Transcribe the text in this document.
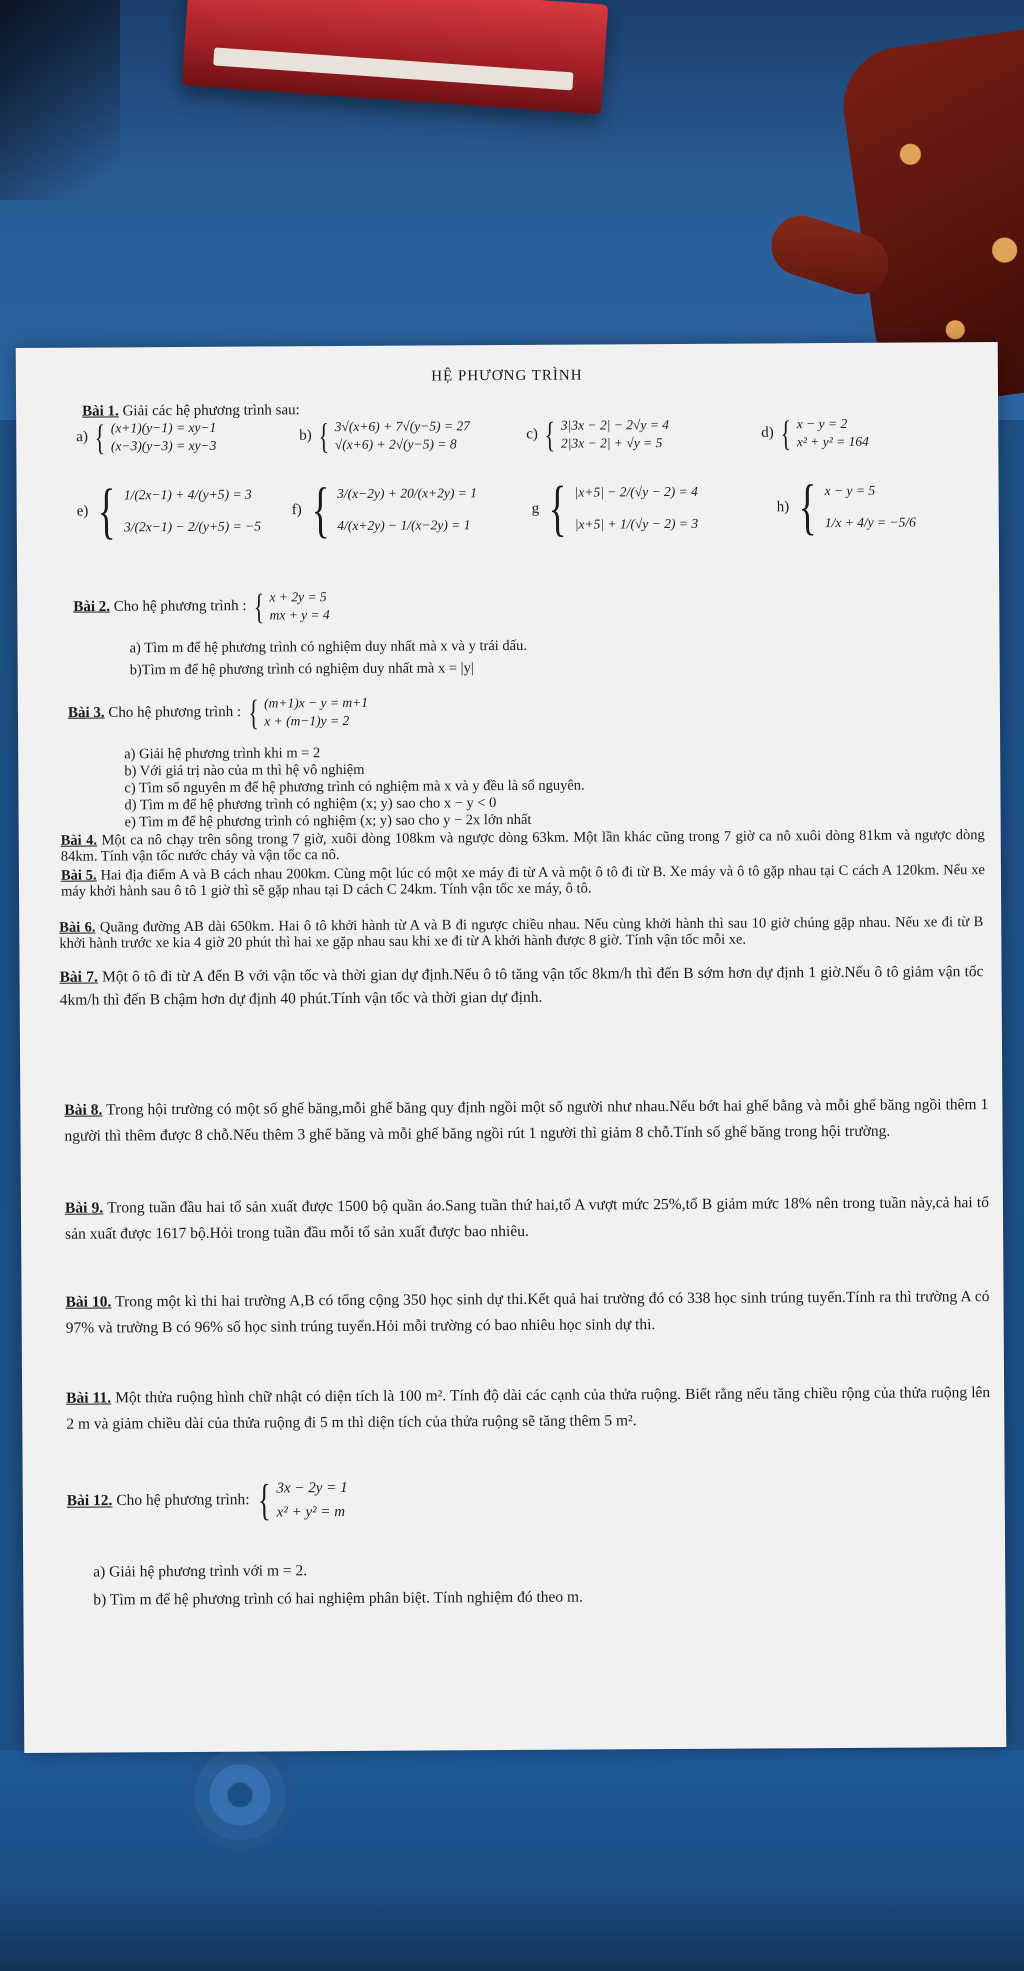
HỆ PHƯƠNG TRÌNH
Bài 1. Giải các hệ phương trình sau:
a) { (x+1)(y−1) = xy−1
(x−3)(y−3) = xy−3
b) { 3√(x+6) + 7√(y−5) = 27
√(x+6) + 2√(y−5) = 8
c) { 3|3x − 2| − 2√y = 4
2|3x − 2| + √y = 5
d) { x − y = 2
x² + y² = 164
e) { 1/(2x−1) + 4/(y+5) = 3
3/(2x−1) − 2/(y+5) = −5
f) { 3/(x−2y) + 20/(x+2y) = 1
4/(x+2y) − 1/(x−2y) = 1
g { |x+5| − 2/(√y − 2) = 4
|x+5| + 1/(√y − 2) = 3
h) { x − y = 5
1/x + 4/y = −5/6
Bài 2. Cho hệ phương trình : { x + 2y = 5
mx + y = 4
a) Tìm m để hệ phương trình có nghiệm duy nhất mà x và y trái dấu.
b)Tìm m để hệ phương trình có nghiệm duy nhất mà x = |y|
Bài 3. Cho hệ phương trình : { (m+1)x − y = m+1
x + (m−1)y = 2
a) Giải hệ phương trình khi m = 2
b) Với giá trị nào của m thì hệ vô nghiệm
c) Tìm số nguyên m để hệ phương trình có nghiệm mà x và y đều là số nguyên.
d) Tìm m để hệ phương trình có nghiệm (x; y) sao cho x − y < 0
e) Tìm m để hệ phương trình có nghiệm (x; y) sao cho y − 2x lớn nhất
Bài 4. Một ca nô chạy trên sông trong 7 giờ, xuôi dòng 108km và ngược dòng 63km. Một lần khác cũng trong 7 giờ ca nô xuôi dòng 81km và ngược dòng 84km. Tính vận tốc nước chảy và vận tốc ca nô.
Bài 5. Hai địa điểm A và B cách nhau 200km. Cùng một lúc có một xe máy đi từ A và một ô tô đi từ B. Xe máy và ô tô gặp nhau tại C cách A 120km. Nếu xe máy khởi hành sau ô tô 1 giờ thì sẽ gặp nhau tại D cách C 24km. Tính vận tốc xe máy, ô tô.
Bài 6. Quãng đường AB dài 650km. Hai ô tô khởi hành từ A và B đi ngược chiều nhau. Nếu cùng khởi hành thì sau 10 giờ chúng gặp nhau. Nếu xe đi từ B khởi hành trước xe kia 4 giờ 20 phút thì hai xe gặp nhau sau khi xe đi từ A khởi hành được 8 giờ. Tính vận tốc mỗi xe.
Bài 7. Một ô tô đi từ A đến B với vận tốc và thời gian dự định.Nếu ô tô tăng vận tốc 8km/h thì đến B sớm hơn dự định 1 giờ.Nếu ô tô giảm vận tốc 4km/h thì đến B chậm hơn dự định 40 phút.Tính vận tốc và thời gian dự định.
Bài 8. Trong hội trường có một số ghế băng,mỗi ghế băng quy định ngồi một số người như nhau.Nếu bớt hai ghế bằng và mỗi ghế băng ngồi thêm 1 người thì thêm được 8 chỗ.Nếu thêm 3 ghế băng và mỗi ghế băng ngồi rút 1 người thì giảm 8 chỗ.Tính số ghế băng trong hội trường.
Bài 9. Trong tuần đầu hai tổ sản xuất được 1500 bộ quần áo.Sang tuần thứ hai,tổ A vượt mức 25%,tổ B giảm mức 18% nên trong tuần này,cả hai tổ sản xuất được 1617 bộ.Hỏi trong tuần đầu mỗi tổ sản xuất được bao nhiêu.
Bài 10. Trong một kì thi hai trường A,B có tổng cộng 350 học sinh dự thi.Kết quả hai trường đó có 338 học sinh trúng tuyển.Tính ra thì trường A có 97% và trường B có 96% số học sinh trúng tuyển.Hỏi mỗi trường có bao nhiêu học sinh dự thi.
Bài 11. Một thửa ruộng hình chữ nhật có diện tích là 100 m². Tính độ dài các cạnh của thửa ruộng. Biết rằng nếu tăng chiều rộng của thửa ruộng lên 2 m và giảm chiều dài của thửa ruộng đi 5 m thì diện tích của thửa ruộng sẽ tăng thêm 5 m².
Bài 12. Cho hệ phương trình: { 3x − 2y = 1
x² + y² = m
a) Giải hệ phương trình với m = 2.
b) Tìm m để hệ phương trình có hai nghiệm phân biệt. Tính nghiệm đó theo m.
